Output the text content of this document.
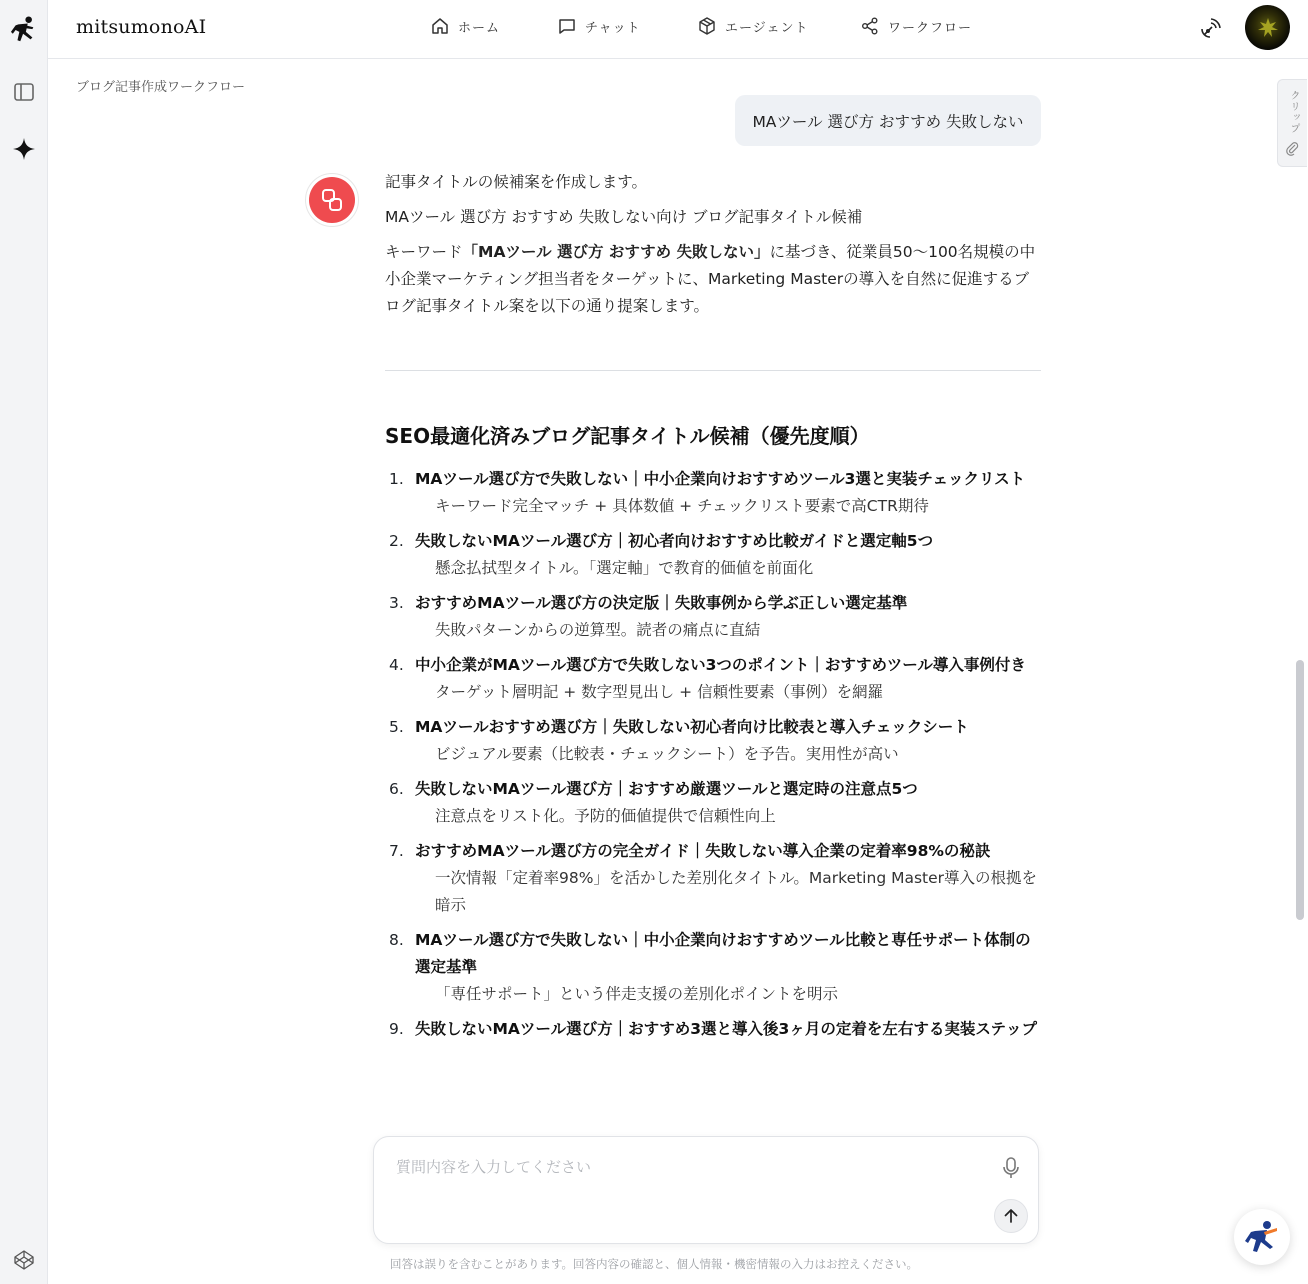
mitsumonoAI	ホーム	チャット	エージェント	ワークフロー
ブログ記事作成ワークフロー
クリップ
MAツール 選び方 おすすめ 失敗しない

記事タイトルの候補案を作成します。

MAツール 選び方 おすすめ 失敗しない向け ブログ記事タイトル候補

キーワード「MAツール 選び方 おすすめ 失敗しない」に基づき、従業員50〜100名規模の中小企業マーケティング担当者をターゲットに、Marketing Masterの導入を自然に促進するブログ記事タイトル案を以下の通り提案します。

SEO最適化済みブログ記事タイトル候補（優先度順）
1. MAツール選び方で失敗しない｜中小企業向けおすすめツール3選と実装チェックリスト
キーワード完全マッチ + 具体数値 + チェックリスト要素で高CTR期待
2. 失敗しないMAツール選び方｜初心者向けおすすめ比較ガイドと選定軸5つ
懸念払拭型タイトル。「選定軸」で教育的価値を前面化
3. おすすめMAツール選び方の決定版｜失敗事例から学ぶ正しい選定基準
失敗パターンからの逆算型。読者の痛点に直結
4. 中小企業がMAツール選び方で失敗しない3つのポイント｜おすすめツール導入事例付き
ターゲット層明記 + 数字型見出し + 信頼性要素（事例）を網羅
5. MAツールおすすめ選び方｜失敗しない初心者向け比較表と導入チェックシート
ビジュアル要素（比較表・チェックシート）を予告。実用性が高い
6. 失敗しないMAツール選び方｜おすすめ厳選ツールと選定時の注意点5つ
注意点をリスト化。予防的価値提供で信頼性向上
7. おすすめMAツール選び方の完全ガイド｜失敗しない導入企業の定着率98%の秘訣
一次情報「定着率98%」を活かした差別化タイトル。Marketing Master導入の根拠を暗示
8. MAツール選び方で失敗しない｜中小企業向けおすすめツール比較と専任サポート体制の選定基準
「専任サポート」という伴走支援の差別化ポイントを明示
9. 失敗しないMAツール選び方｜おすすめ3選と導入後3ヶ月の定着を左右する実装ステップ
質問内容を入力してください
回答は誤りを含むことがあります。回答内容の確認と、個人情報・機密情報の入力はお控えください。
